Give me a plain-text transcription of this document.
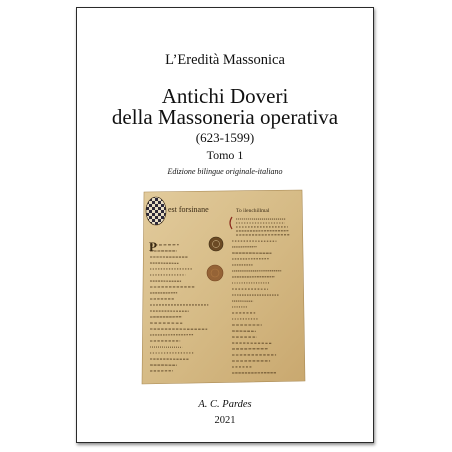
L’Eredità Massonica
Antichi Doveri
della Massoneria operativa
(623-1599)
Tomo 1
Edizione bilingue originale-italiano
est forsinane	To ilenchillmal
P
A. C. Pardes
2021
